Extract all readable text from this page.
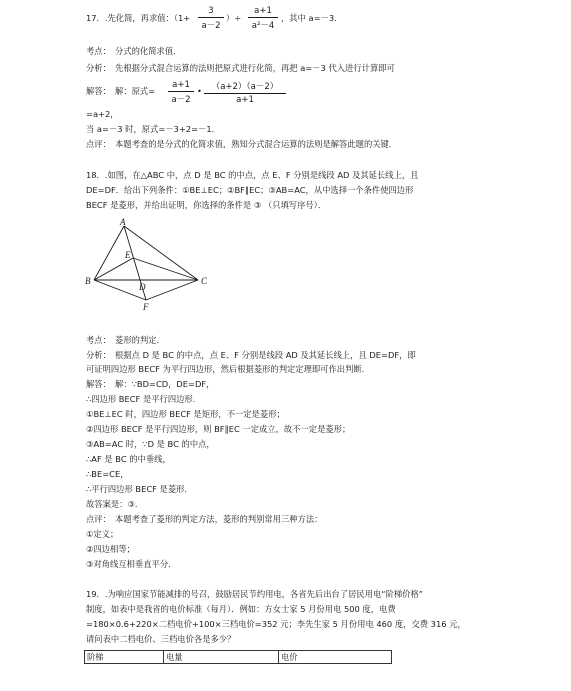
17．.先化简，再求值：（1+
3
a－2
）÷
a+1
a²－4
，其中 a=－3．
考点：　分式的化简求值．
分析：　先根据分式混合运算的法则把原式进行化简，再把 a=－3 代入进行计算即可
解答：　解：原式=
a+1
a－2
•	（a+2）（a－2）
a+1
=a+2，
当 a=－3 时，原式=－3+2=－1．
点评：　本题考查的是分式的化简求值，熟知分式混合运算的法则是解答此题的关键．
18．.如图，在△ABC 中，点 D 是 BC 的中点，点 E、F 分别是线段 AD 及其延长线上，且
DE=DF．给出下列条件：①BE⊥EC；②BF∥EC；③AB=AC，从中选择一个条件使四边形
BECF 是菱形，并给出证明，你选择的条件是 ③ （只填写序号）．
A
B	C
D
E
F
考点：　菱形的判定．
分析：　根据点 D 是 BC 的中点，点 E、F 分别是线段 AD 及其延长线上，且 DE=DF，即
可证明四边形 BECF 为平行四边形，然后根据菱形的判定定理即可作出判断．
解答：　解：∵BD=CD，DE=DF，
∴四边形 BECF 是平行四边形．
①BE⊥EC 时，四边形 BECF 是矩形，不一定是菱形；
②四边形 BECF 是平行四边形，则 BF∥EC 一定成立，故不一定是菱形；
③AB=AC 时，∵D 是 BC 的中点，
∴AF 是 BC 的中垂线，
∴BE=CE，
∴平行四边形 BECF 是菱形．
故答案是：③．
点评：　本题考查了菱形的判定方法，菱形的判别常用三种方法：
①定义；
②四边相等；
③对角线互相垂直平分．
19．.为响应国家节能减排的号召，鼓励居民节约用电，各省先后出台了居民用电“阶梯价格”
制度，如表中是我省的电价标准（每月）．例如：方女士家 5 月份用电 500 度，电费
=180×0.6+220×二档电价+100×三档电价=352 元；李先生家 5 月份用电 460 度，交费 316 元，
请问表中二档电价、三档电价各是多少？
阶梯	电量	电价
